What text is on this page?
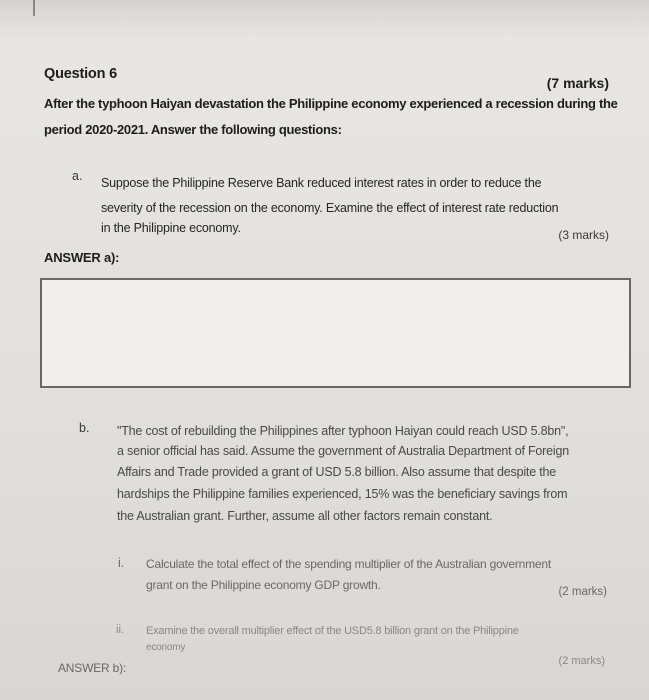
Question 6

(7 marks)

After the typhoon Haiyan devastation the Philippine economy experienced a recession during the

period 2020-2021. Answer the following questions:

a. Suppose the Philippine Reserve Bank reduced interest rates in order to reduce the

severity of the recession on the economy. Examine the effect of interest rate reduction

in the Philippine economy.	(3 marks)

ANSWER a):

b. "The cost of rebuilding the Philippines after typhoon Haiyan could reach USD 5.8bn",

a senior official has said. Assume the government of Australia Department of Foreign

Affairs and Trade provided a grant of USD 5.8 billion. Also assume that despite the

hardships the Philippine families experienced, 15% was the beneficiary savings from

the Australian grant. Further, assume all other factors remain constant.

i. Calculate the total effect of the spending multiplier of the Australian government

grant on the Philippine economy GDP growth.	(2 marks)

ii. Examine the overall multiplier effect of the USD5.8 billion grant on the Philippine

economy

(2 marks)

ANSWER b):
